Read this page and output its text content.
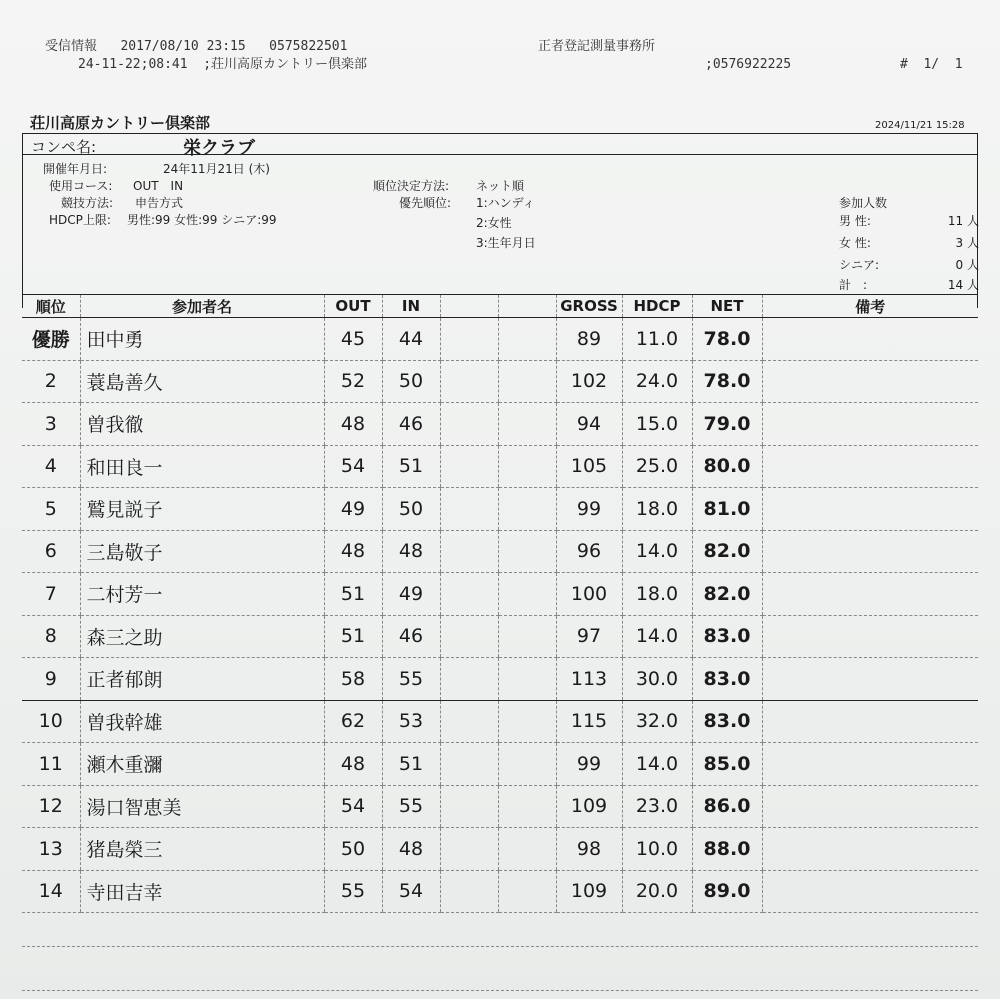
受信情報   2017/08/10 23:15   0575822501	正者登記測量事務所
24-11-22;08:41  ;荘川高原カントリー倶楽部	;0576922225	#  1/  1
荘川高原カントリー倶楽部	2024/11/21 15:28
コンペ名:	栄クラブ
開催年月日:	24年11月21日 (木)
使用コース: OUT　IN
競技方法: 申告方式
HDCP上限: 男性:99 女性:99 シニア:99
順位決定方法: ネット順
優先順位: 1:ハンディ
2:女性
3:生年月日
参加人数
男 性:	11 人
女 性:	3 人
シニア:	0 人
計　:	14 人
順位	参加者名	OUT	IN			GROSS	HDCP	NET	備考
優勝	田中勇	45	44			89	11.0	78.0	
2	蓑島善久	52	50			102	24.0	78.0	
3	曽我徹	48	46			94	15.0	79.0	
4	和田良一	54	51			105	25.0	80.0	
5	鷲見説子	49	50			99	18.0	81.0	
6	三島敬子	48	48			96	14.0	82.0	
7	二村芳一	51	49			100	18.0	82.0	
8	森三之助	51	46			97	14.0	83.0	
9	正者郁朗	58	55			113	30.0	83.0	
10	曽我幹雄	62	53			115	32.0	83.0	
11	瀬木重瀰	48	51			99	14.0	85.0	
12	湯口智恵美	54	55			109	23.0	86.0	
13	猪島榮三	50	48			98	10.0	88.0	
14	寺田吉幸	55	54			109	20.0	89.0	
